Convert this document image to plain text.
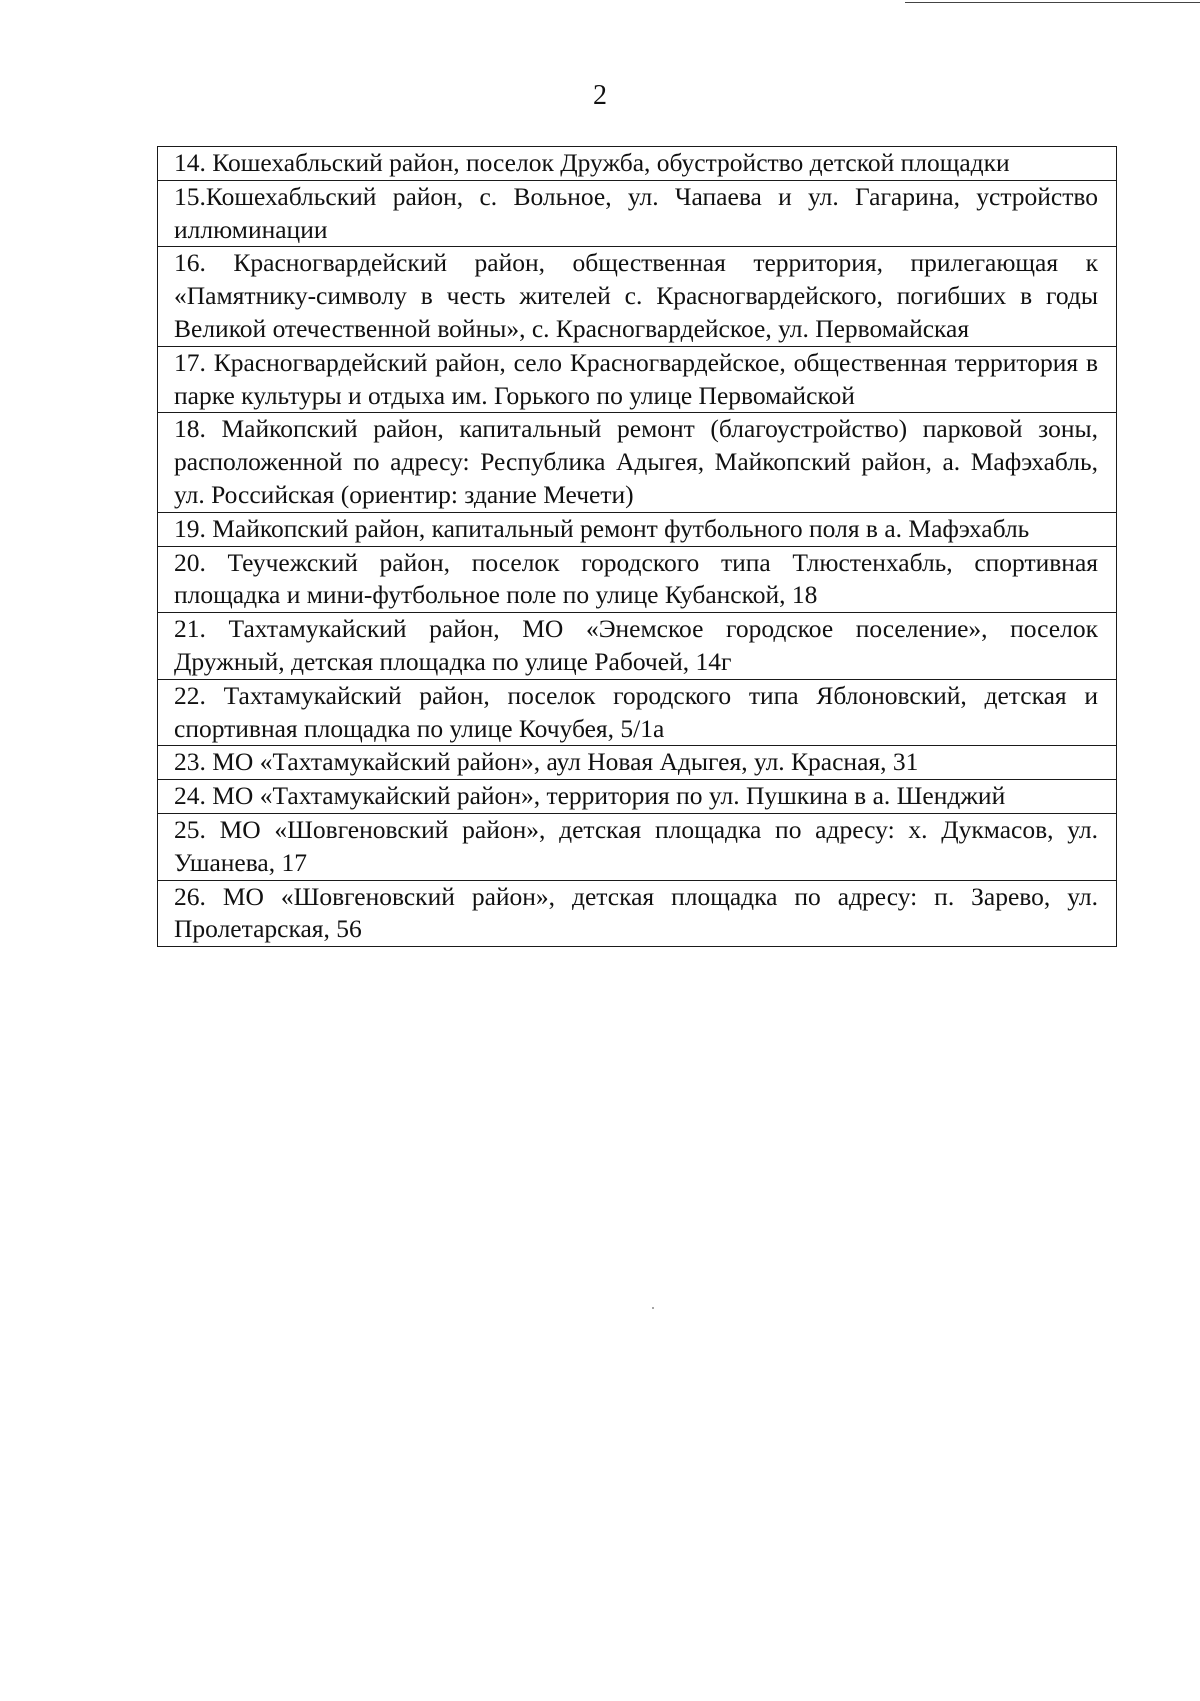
2
14. Кошехабльский район, поселок Дружба, обустройство детской площадки
15.Кошехабльский район, с. Вольное, ул. Чапаева и ул. Гагарина, устройство иллюминации
16. Красногвардейский район, общественная территория, прилегающая к «Памятнику-символу в честь жителей с. Красногвардейского, погибших в годы Великой отечественной войны», с. Красногвардейское, ул. Первомайская
17. Красногвардейский район, село Красногвардейское, общественная территория в парке культуры и отдыха им. Горького по улице Первомайской
18. Майкопский район, капитальный ремонт (благоустройство) парковой зоны, расположенной по адресу: Республика Адыгея, Майкопский район, а. Мафэхабль, ул. Российская (ориентир: здание Мечети)
19. Майкопский район, капитальный ремонт футбольного поля в а. Мафэхабль
20. Теучежский район, поселок городского типа Тлюстенхабль, спортивная площадка и мини-футбольное поле по улице Кубанской, 18
21. Тахтамукайский район, МО «Энемское городское поселение», поселок Дружный, детская площадка по улице Рабочей, 14г
22. Тахтамукайский район, поселок городского типа Яблоновский, детская и спортивная площадка по улице Кочубея, 5/1а
23. МО «Тахтамукайский район», аул Новая Адыгея, ул. Красная, 31
24. МО «Тахтамукайский район», территория по ул. Пушкина в а. Шенджий
25. МО «Шовгеновский район», детская площадка по адресу: х. Дукмасов, ул. Ушанева, 17
26. МО «Шовгеновский район», детская площадка по адресу: п. Зарево, ул. Пролетарская, 56
